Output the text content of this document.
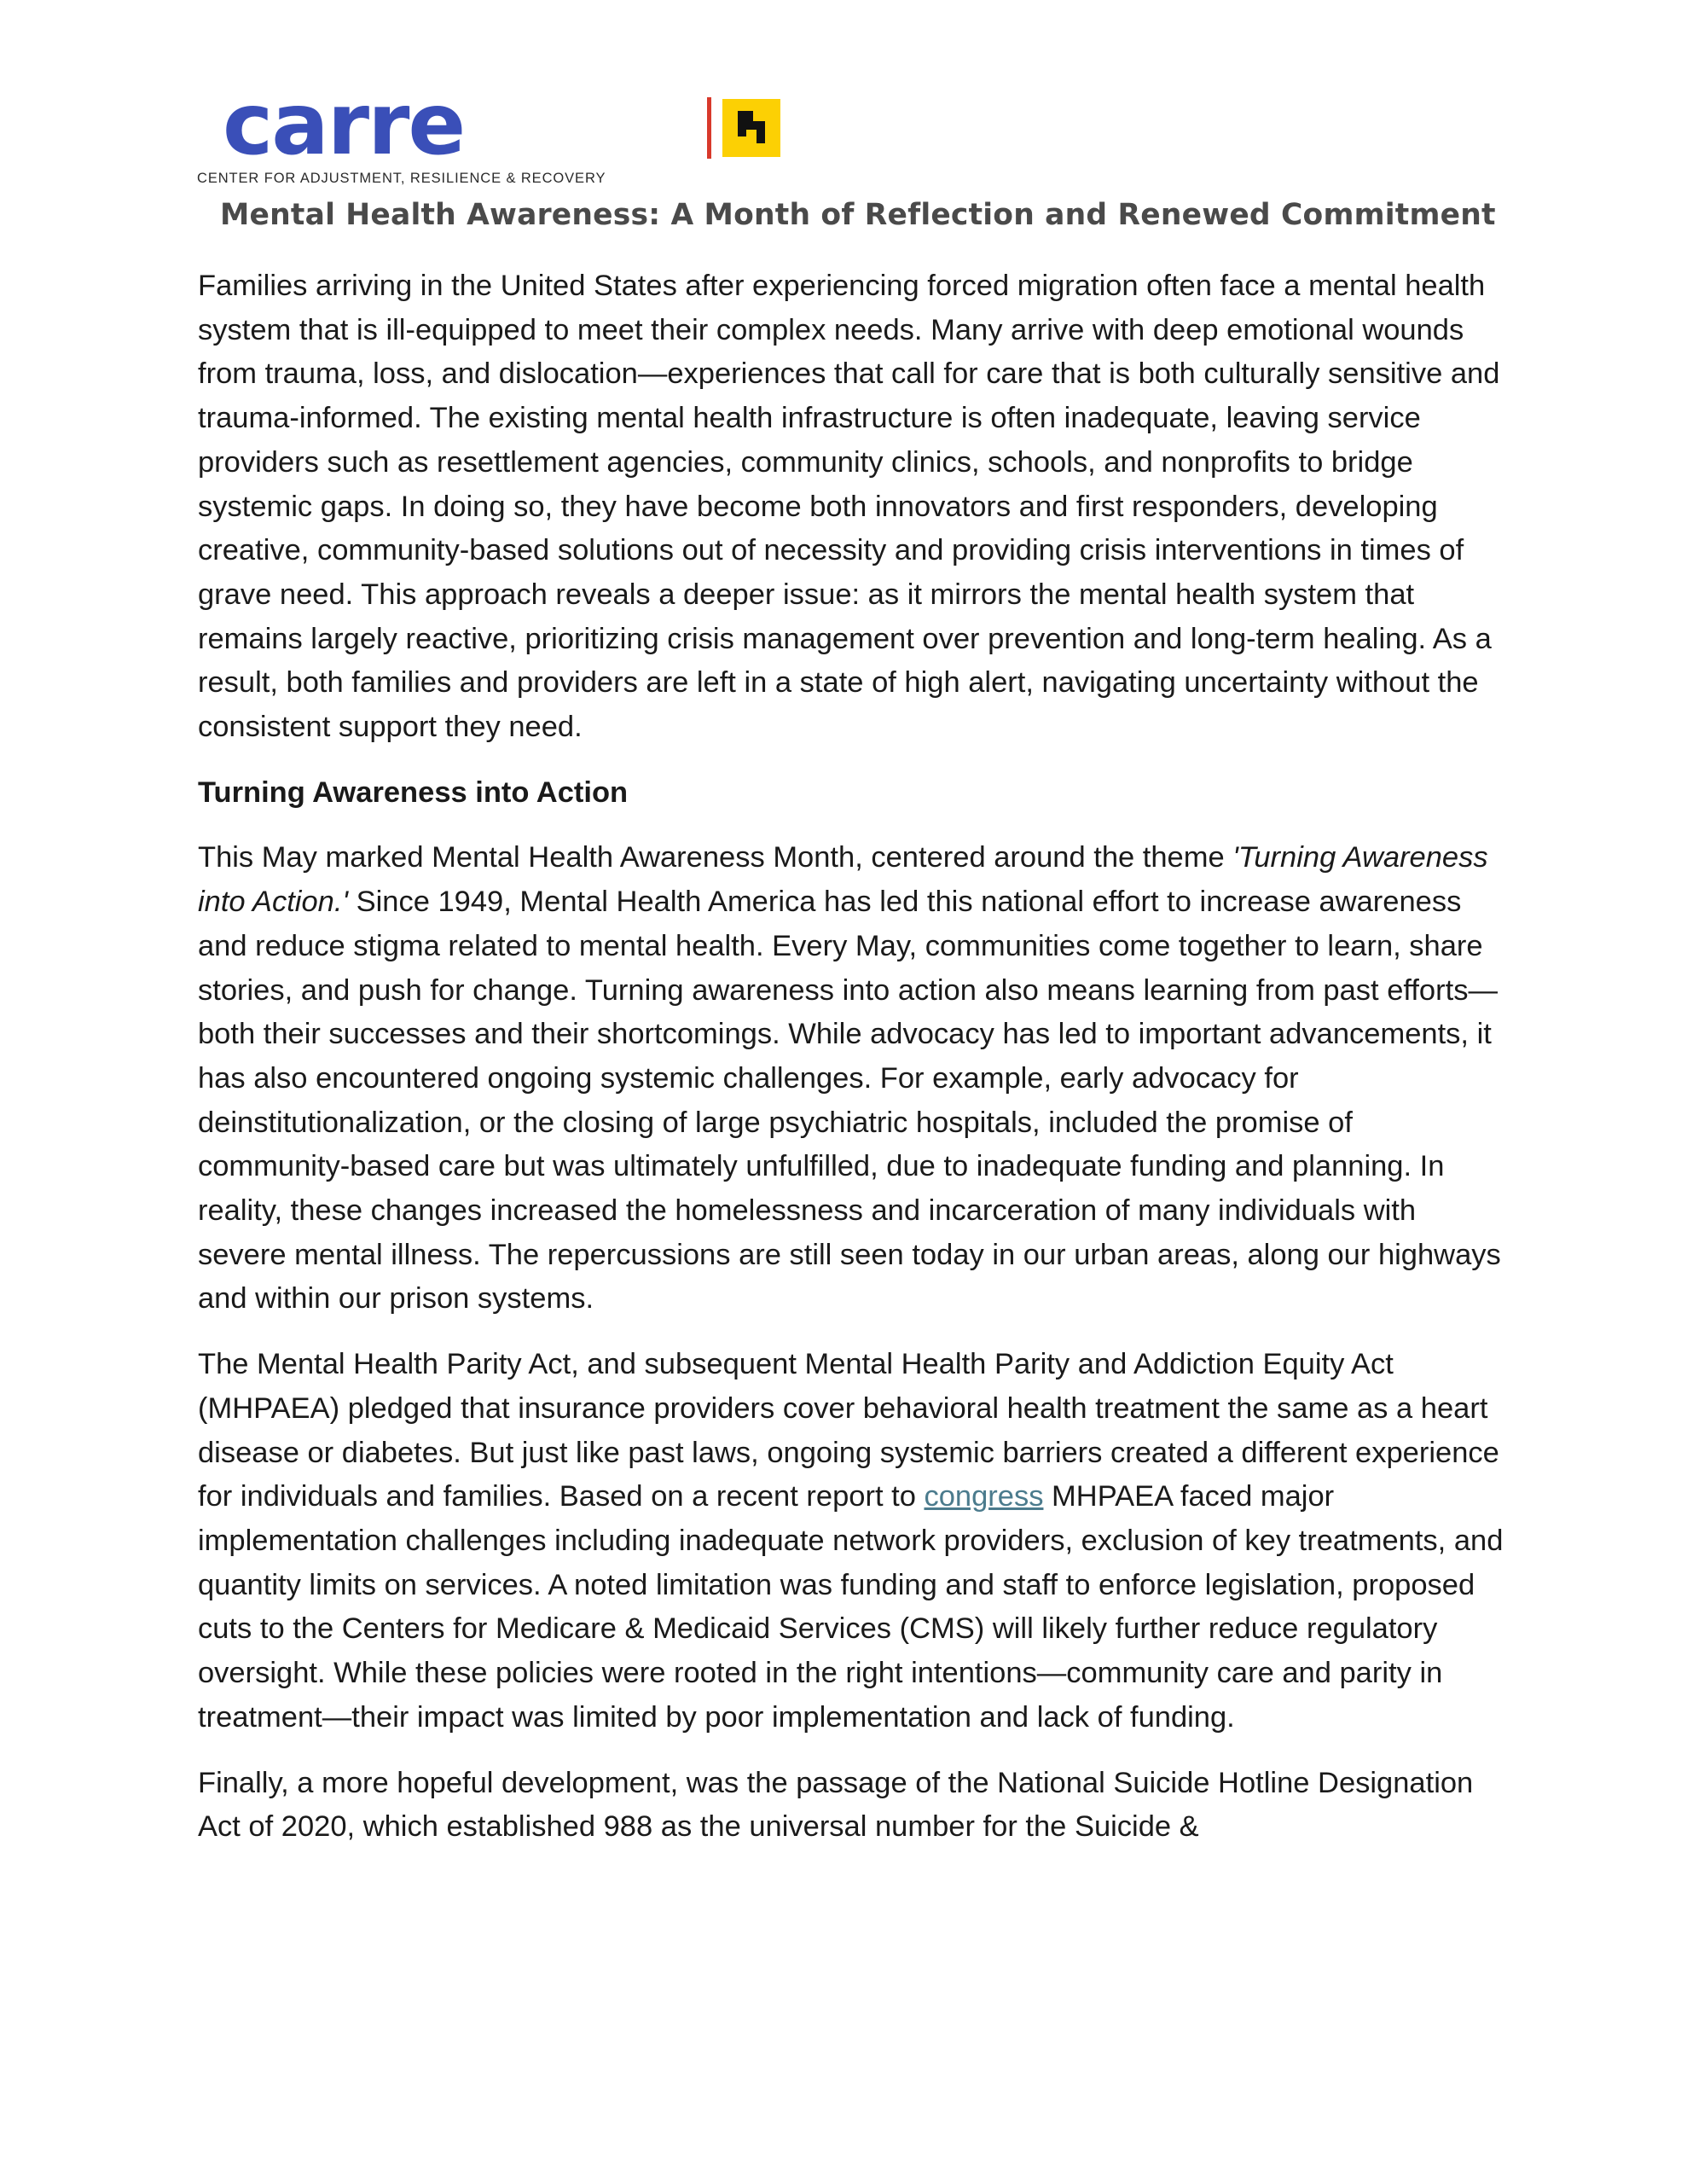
carre
CENTER FOR ADJUSTMENT, RESILIENCE & RECOVERY
Mental Health Awareness: A Month of Reflection and Renewed Commitment

Families arriving in the United States after experiencing forced migration often face a mental health system that is ill-equipped to meet their complex needs. Many arrive with deep emotional wounds from trauma, loss, and dislocation—experiences that call for care that is both culturally sensitive and trauma-informed. The existing mental health infrastructure is often inadequate, leaving service providers such as resettlement agencies, community clinics, schools, and nonprofits to bridge systemic gaps. In doing so, they have become both innovators and first responders, developing creative, community-based solutions out of necessity and providing crisis interventions in times of grave need. This approach reveals a deeper issue: as it mirrors the mental health system that remains largely reactive, prioritizing crisis management over prevention and long-term healing. As a result, both families and providers are left in a state of high alert, navigating uncertainty without the consistent support they need.

Turning Awareness into Action

This May marked Mental Health Awareness Month, centered around the theme 'Turning Awareness into Action.' Since 1949, Mental Health America has led this national effort to increase awareness and reduce stigma related to mental health. Every May, communities come together to learn, share stories, and push for change. Turning awareness into action also means learning from past efforts—both their successes and their shortcomings. While advocacy has led to important advancements, it has also encountered ongoing systemic challenges. For example, early advocacy for deinstitutionalization, or the closing of large psychiatric hospitals, included the promise of community-based care but was ultimately unfulfilled, due to inadequate funding and planning. In reality, these changes increased the homelessness and incarceration of many individuals with severe mental illness. The repercussions are still seen today in our urban areas, along our highways and within our prison systems.

The Mental Health Parity Act, and subsequent Mental Health Parity and Addiction Equity Act (MHPAEA) pledged that insurance providers cover behavioral health treatment the same as a heart disease or diabetes. But just like past laws, ongoing systemic barriers created a different experience for individuals and families. Based on a recent report to congress MHPAEA faced major implementation challenges including inadequate network providers, exclusion of key treatments, and quantity limits on services. A noted limitation was funding and staff to enforce legislation, proposed cuts to the Centers for Medicare & Medicaid Services (CMS) will likely further reduce regulatory oversight. While these policies were rooted in the right intentions—community care and parity in treatment—their impact was limited by poor implementation and lack of funding.

Finally, a more hopeful development, was the passage of the National Suicide Hotline Designation Act of 2020, which established 988 as the universal number for the Suicide &
